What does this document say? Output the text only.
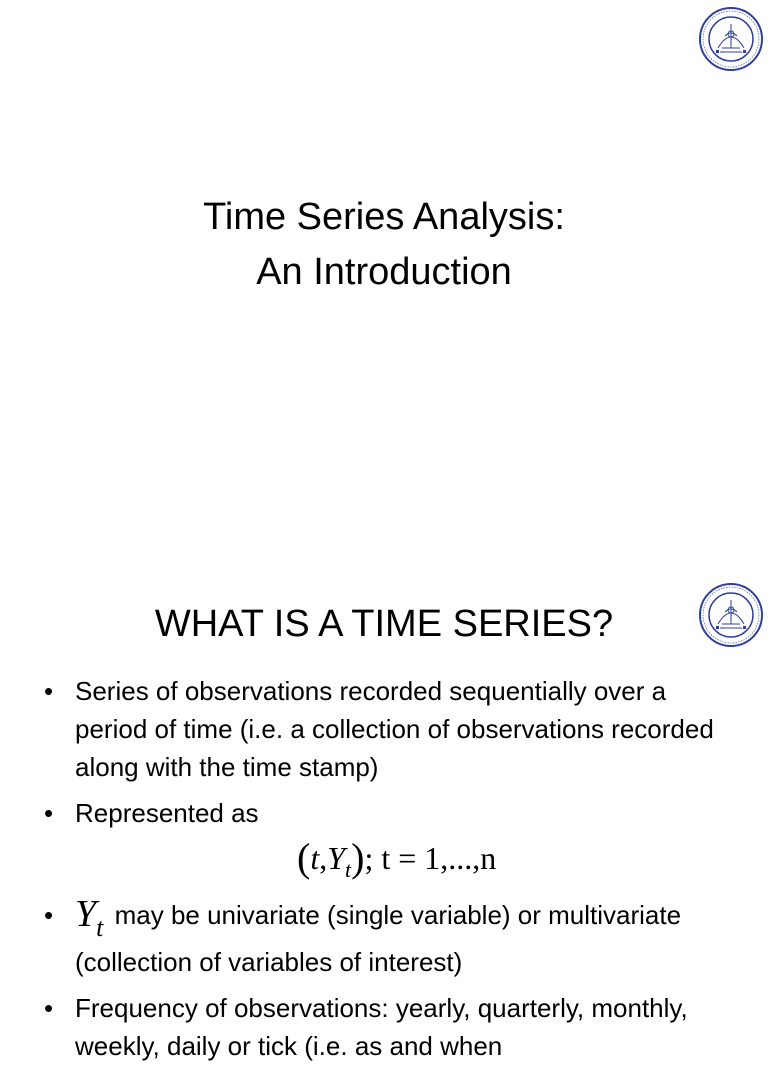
Time Series Analysis:
An Introduction
WHAT IS A TIME SERIES?
• Series of observations recorded sequentially over a period of time (i.e. a collection of observations recorded along with the time stamp)
• Represented as
$(t,Y_t)$; t = 1,...,n
• $Y_t$ may be univariate (single variable) or multivariate (collection of variables of interest)
• Frequency of observations: yearly, quarterly, monthly, weekly, daily or tick (i.e. as and when
